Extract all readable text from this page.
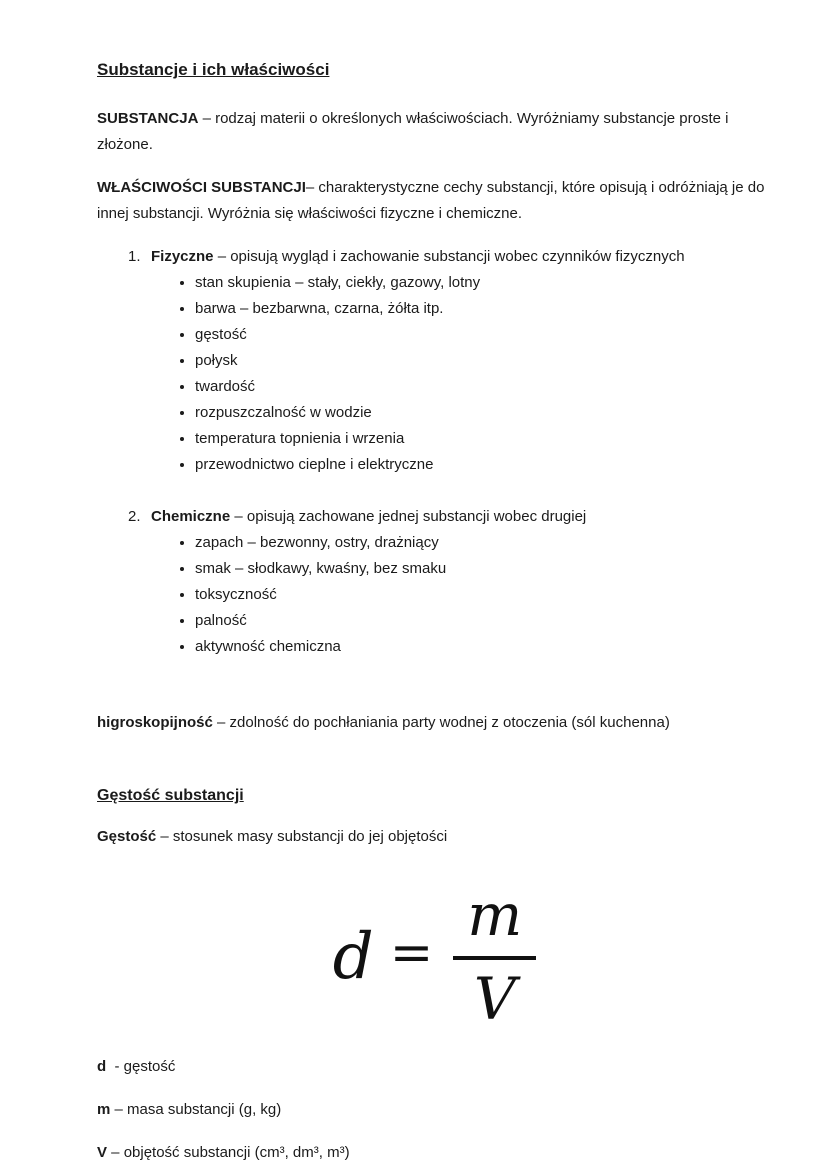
Substancje i ich właściwości

SUBSTANCJA – rodzaj materii o określonych właściwościach. Wyróżniamy substancje proste i złożone.

WŁAŚCIWOŚCI SUBSTANCJI– charakterystyczne cechy substancji, które opisują i odróżniają je do innej substancji. Wyróżnia się właściwości fizyczne i chemiczne.

1. Fizyczne – opisują wygląd i zachowanie substancji wobec czynników fizycznych

• stan skupienia – stały, ciekły, gazowy, lotny
• barwa – bezbarwna, czarna, żółta itp.
• gęstość
• połysk
• twardość
• rozpuszczalność w wodzie
• temperatura topnienia i wrzenia
• przewodnictwo cieplne i elektryczne
2. Chemiczne – opisują zachowane jednej substancji wobec drugiej

• zapach – bezwonny, ostry, drażniący
• smak – słodkawy, kwaśny, bez smaku
• toksyczność
• palność
• aktywność chemiczna

higroskopijność – zdolność do pochłaniania party wodnej z otoczenia (sól kuchenna)

Gęstość substancji

Gęstość – stosunek masy substancji do jej objętości

$d = \frac{m}{V}$

d  - gęstość

m – masa substancji (g, kg)

V – objętość substancji (cm³, dm³, m³)
